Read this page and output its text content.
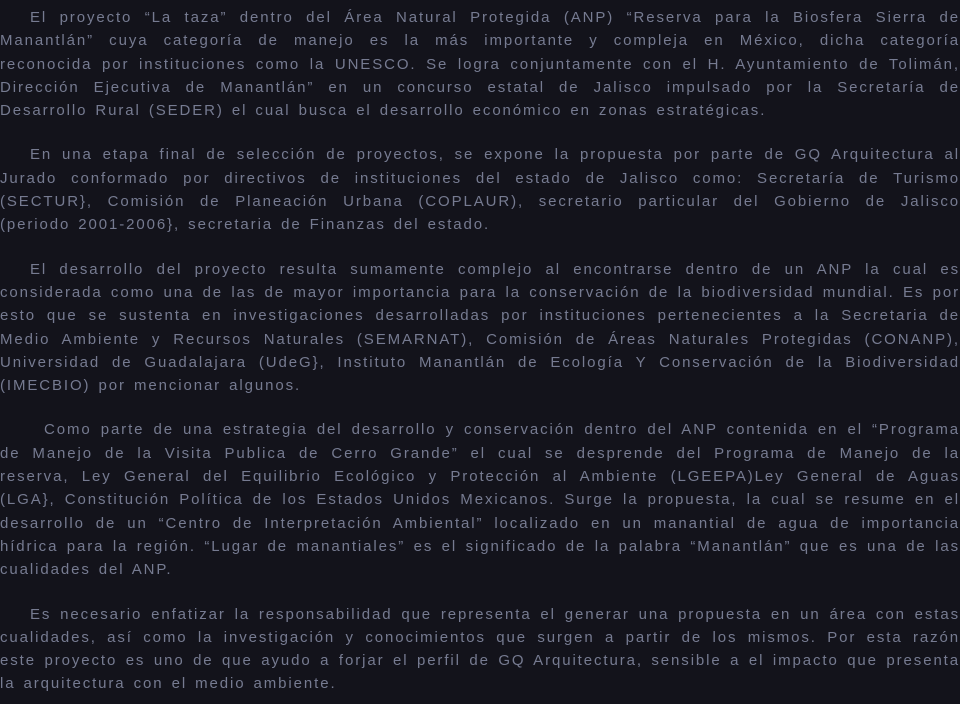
El proyecto “La taza” dentro del Área Natural Protegida (ANP) “Reserva para la Biosfera Sierra de Manantlán” cuya categoría de manejo es la más importante y compleja en México, dicha categoría reconocida por instituciones como la UNESCO. Se logra conjuntamente con el H. Ayuntamiento de Tolimán, Dirección Ejecutiva de Manantlán” en un concurso estatal de Jalisco impulsado por la Secretaría de Desarrollo Rural (SEDER) el cual busca el desarrollo económico en zonas estratégicas.

En una etapa final de selección de proyectos, se expone la propuesta por parte de GQ Arquitectura al Jurado conformado por directivos de instituciones del estado de Jalisco como: Secretaría de Turismo (SECTUR}, Comisión de Planeación Urbana (COPLAUR), secretario particular del Gobierno de Jalisco (periodo 2001-2006}, secretaria de Finanzas del estado.

El desarrollo del proyecto resulta sumamente complejo al encontrarse dentro de un ANP la cual es considerada como una de las de mayor importancia para la conservación de la biodiversidad mundial. Es por esto que se sustenta en investigaciones desarrolladas por instituciones pertenecientes a la Secretaria de Medio Ambiente y Recursos Naturales (SEMARNAT), Comisión de Áreas Naturales Protegidas (CONANP), Universidad de Guadalajara (UdeG}, Instituto Manantlán de Ecología Y Conservación de la Biodiversidad (IMECBIO) por mencionar algunos.

Como parte de una estrategia del desarrollo y conservación dentro del ANP contenida en el “Programa de Manejo de la Visita Publica de Cerro Grande” el cual se desprende del Programa de Manejo de la reserva, Ley General del Equilibrio Ecológico y Protección al Ambiente (LGEEPA)Ley General de Aguas (LGA}, Constitución Política de los Estados Unidos Mexicanos. Surge la propuesta, la cual se resume en el desarrollo de un “Centro de Interpretación Ambiental” localizado en un manantial de agua de importancia hídrica para la región. “Lugar de manantiales” es el significado de la palabra “Manantlán” que es una de las cualidades del ANP.

Es necesario enfatizar la responsabilidad que representa el generar una propuesta en un área con estas cualidades, así como la investigación y conocimientos que surgen a partir de los mismos. Por esta razón este proyecto es uno de que ayudo a forjar el perfil de GQ Arquitectura, sensible a el impacto que presenta la arquitectura con el medio ambiente.
